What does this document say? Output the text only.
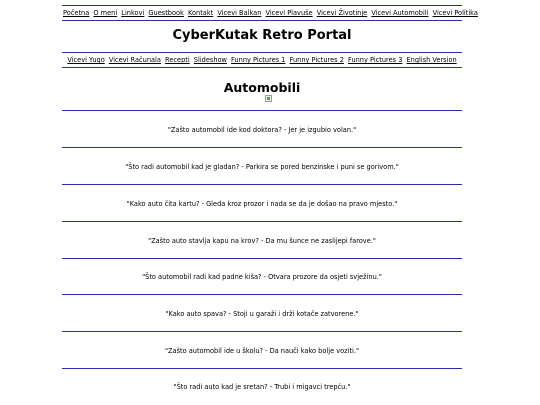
Početna O meni Linkovi Guestbook Kontakt Vicevi Balkan Vicevi Plavuše Vicevi Životinje Vicevi Automobili Vicevi Politika
CyberKutak Retro Portal
Vicevi Yugo Vicevi Računala Recepti Slideshow Funny Pictures 1 Funny Pictures 2 Funny Pictures 3 English Version
Automobili
"Zašto automobil ide kod doktora? - Jer je izgubio volan."
"Što radi automobil kad je gladan? - Parkira se pored benzinske i puni se gorivom."
"Kako auto čita kartu? - Gleda kroz prozor i nada se da je došao na pravo mjesto."
"Zašto auto stavlja kapu na krov? - Da mu šunce ne zaslijepi farove."
"Što automobil radi kad padne kiša? - Otvara prozore da osjeti svježinu."
"Kako auto spava? - Stoji u garaži i drži kotače zatvorene."
"Zašto automobil ide u školu? - Da nauči kako bolje voziti."
"Što radi auto kad je sretan? - Trubi i migavci trepću."
